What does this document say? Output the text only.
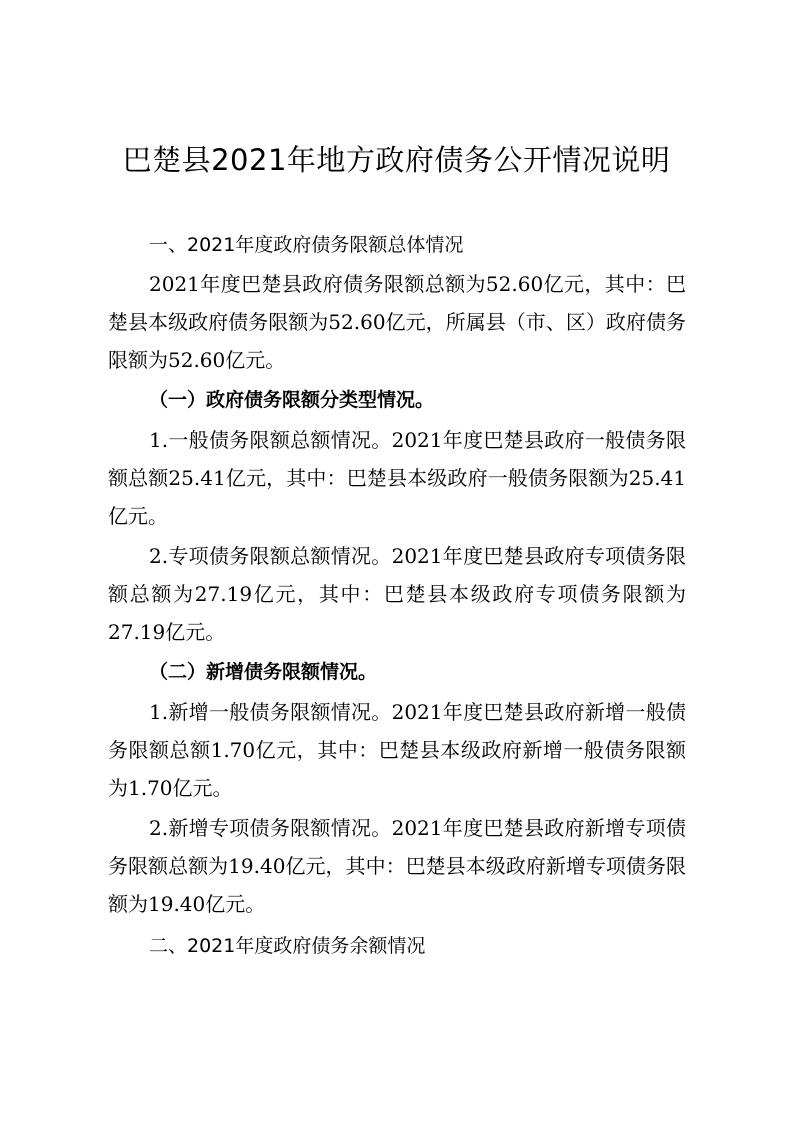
巴楚县2021年地方政府债务公开情况说明

一、2021年度政府债务限额总体情况

2021年度巴楚县政府债务限额总额为52.60亿元，其中：巴楚县本级政府债务限额为52.60亿元，所属县（市、区）政府债务限额为52.60亿元。

（一）政府债务限额分类型情况。

1.一般债务限额总额情况。2021年度巴楚县政府一般债务限额总额25.41亿元，其中：巴楚县本级政府一般债务限额为25.41亿元。

2.专项债务限额总额情况。2021年度巴楚县政府专项债务限额总额为27.19亿元，其中：巴楚县本级政府专项债务限额为27.19亿元。

（二）新增债务限额情况。

1.新增一般债务限额情况。2021年度巴楚县政府新增一般债务限额总额1.70亿元，其中：巴楚县本级政府新增一般债务限额为1.70亿元。

2.新增专项债务限额情况。2021年度巴楚县政府新增专项债务限额总额为19.40亿元，其中：巴楚县本级政府新增专项债务限额为19.40亿元。

二、2021年度政府债务余额情况
